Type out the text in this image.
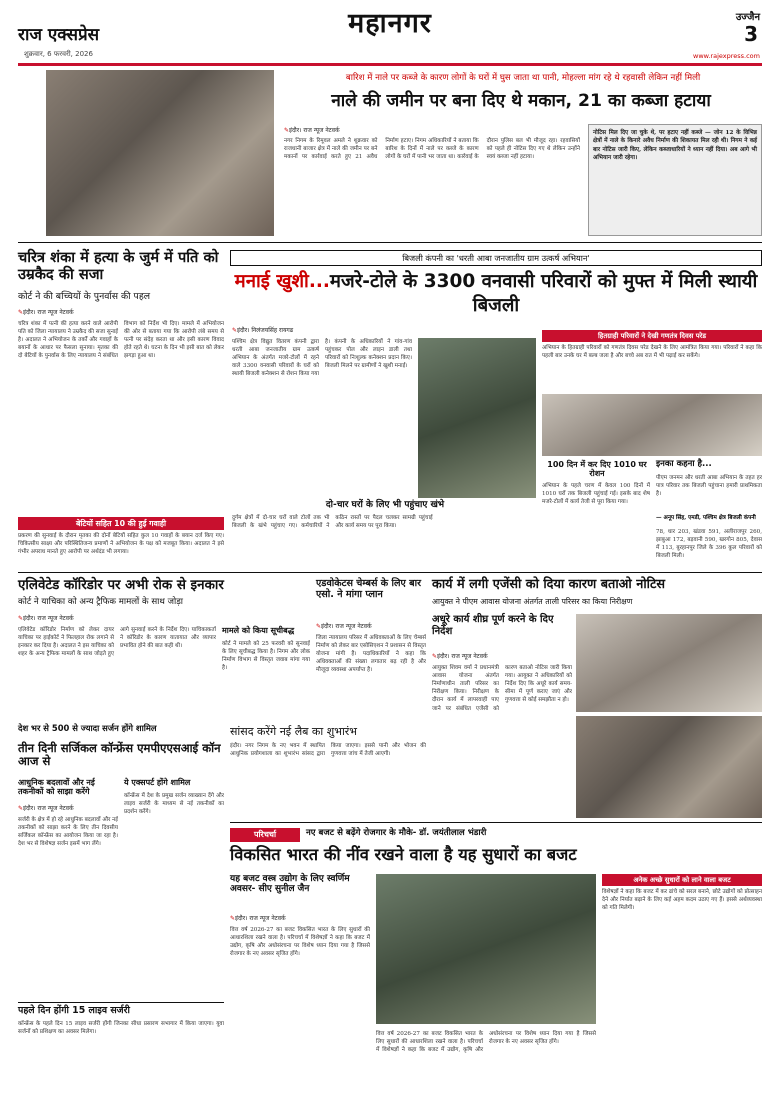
राज एक्सप्रेस
शुक्रवार, 6 फरवरी, 2026
महानगर	उज्जैन
3
www.rajexpress.com
बारिश में नाले पर कब्जे के कारण लोगों के घरों में घुस जाता था पानी, मोहल्ला मांग रहे थे रहवासी लेकिन नहीं मिली
नाले की जमीन पर बना दिए थे मकान, 21 का कब्जा हटाया
✎ इंदौर। राज न्यूज नेटवर्क
नगर निगम के रिमूवल अमले ने शुक्रवार को राजधानी बाजार क्षेत्र में नाले की जमीन पर बने मकानों पर कार्रवाई करते हुए 21 अवैध निर्माण हटाए। निगम अधिकारियों ने बताया कि बारिश के दिनों में नाले पर कब्जे के कारण लोगों के घरों में पानी भर जाता था। कार्रवाई के दौरान पुलिस बल भी मौजूद रहा। रहवासियों को पहले ही नोटिस दिए गए थे लेकिन उन्होंने स्वयं कब्जा नहीं हटाया।
नोटिस मिल दिए जा चुके थे, पर हटाए नहीं कब्जे — जोन 12 के विभिन्न क्षेत्रों में नाले के किनारे अवैध निर्माण की शिकायत मिल रही थी। निगम ने कई बार नोटिस जारी किए, लेकिन कब्जाधारियों ने ध्यान नहीं दिया। अब आगे भी अभियान जारी रहेगा।
चरित्र शंका में हत्या के जुर्म में पति को उम्रकैद की सजा
कोर्ट ने की बच्चियों के पुनर्वास की पहल
✎ इंदौर। राज न्यूज नेटवर्क
चरित्र शंका में पत्नी की हत्या करने वाले आरोपी पति को जिला न्यायालय ने उम्रकैद की सजा सुनाई है। अदालत ने अभियोजन के तर्कों और गवाहों के बयानों के आधार पर फैसला सुनाया। मृतका की दो बेटियों के पुनर्वास के लिए न्यायालय ने संबंधित विभाग को निर्देश भी दिए। मामले में अभियोजन की ओर से बताया गया कि आरोपी लंबे समय से पत्नी पर संदेह करता था और इसी कारण विवाद होते रहते थे। घटना के दिन भी इसी बात को लेकर झगड़ा हुआ था।
बेटियों सहित 10 की हुई गवाही
प्रकरण की सुनवाई के दौरान मृतका की दोनों बेटियों सहित कुल 10 गवाहों के बयान दर्ज किए गए। चिकित्सीय साक्ष्य और परिस्थितिजन्य प्रमाणों ने अभियोजन के पक्ष को मजबूत किया। अदालत ने इसे गंभीर अपराध मानते हुए आरोपी पर अर्थदंड भी लगाया।
बिजली कंपनी का 'धरती आबा जनजातीय ग्राम उत्कर्ष अभियान'
मनाई खुशी...मजरे-टोले के 3300 वनवासी परिवारों को मुफ्त में मिली स्थायी बिजली
✎ इंदौर। निलंजयसिंह रायगढ
पश्चिम क्षेत्र विद्युत वितरण कंपनी द्वारा धरती आबा जनजातीय ग्राम उत्कर्ष अभियान के अंतर्गत मजरे-टोलों में रहने वाले 3300 वनवासी परिवारों के घरों को स्थायी बिजली कनेक्शन से रोशन किया गया है। कंपनी के अधिकारियों ने गांव-गांव पहुंचकर पोल और लाइन डाली तथा परिवारों को निःशुल्क कनेक्शन प्रदान किए। बिजली मिलने पर ग्रामीणों ने खुशी मनाई।
दो-चार घरों के लिए भी पहुंचाए खंभे
दुर्गम क्षेत्रों में दो-चार घरों वाले टोलों तक भी बिजली के खंभे पहुंचाए गए। कर्मचारियों ने कठिन रास्तों पर पैदल चलकर सामग्री पहुंचाई और कार्य समय पर पूरा किया।
हितग्राही परिवारों ने देखी गणतंत्र दिवस परेड
अभियान के हितग्राही परिवारों को गणतंत्र दिवस परेड देखने के लिए आमंत्रित किया गया। परिवारों ने कहा कि पहली बार उनके घर में बल्ब जला है और बच्चे अब रात में भी पढ़ाई कर सकेंगे।
100 दिन में कर दिए 1010 घर रोशन
अभियान के पहले चरण में केवल 100 दिनों में 1010 घरों तक बिजली पहुंचाई गई। इसके बाद शेष मजरे-टोलों में कार्य तेजी से पूरा किया गया।
इनका कहना है...
पीएम जनमन और धरती आबा अभियान के तहत हर पात्र परिवार तक बिजली पहुंचाना हमारी प्राथमिकता है।
— अनूप सिंह, एमडी, पश्चिम क्षेत्र बिजली कंपनी
78, धार 203, खंडवा 591, अलीराजपुर 260, झाबुआ 172, बड़वानी 590, खरगोन 805, देवास में 113, बुरहानपुर जिले के 396 कुल परिवारों को बिजली मिली।
एलिवेटेड कॉरिडोर पर अभी रोक से इनकार
कोर्ट ने याचिका को अन्य ट्रैफिक मामलों के साथ जोड़ा
✎ इंदौर। राज न्यूज नेटवर्क
एलिवेटेड कॉरिडोर निर्माण को लेकर दायर याचिका पर हाईकोर्ट ने फिलहाल रोक लगाने से इनकार कर दिया है। अदालत ने इस याचिका को शहर के अन्य ट्रैफिक मामलों के साथ जोड़ते हुए आगे सुनवाई करने के निर्देश दिए। याचिकाकर्ता ने कॉरिडोर के कारण यातायात और व्यापार प्रभावित होने की बात कही थी।
मामले को किया सूचीबद्ध
कोर्ट ने मामले को 25 फरवरी को सुनवाई के लिए सूचीबद्ध किया है। निगम और लोक निर्माण विभाग से विस्तृत जवाब मांगा गया है।
देश भर से 500 से ज्यादा सर्जन होंगे शामिल
एडवोकेटस चेम्बर्स के लिए बार एसो. ने मांगा प्लान
✎ इंदौर। राज न्यूज नेटवर्क
जिला न्यायालय परिसर में अधिवक्ताओं के लिए चेम्बर्स निर्माण को लेकर बार एसोसिएशन ने प्रशासन से विस्तृत योजना मांगी है। पदाधिकारियों ने कहा कि अधिवक्ताओं की संख्या लगातार बढ़ रही है और मौजूदा व्यवस्था अपर्याप्त है।
सांसद करेंगे नई लैब का शुभारंभ
इंदौर। नगर निगम के नए भवन में स्थापित आधुनिक प्रयोगशाला का शुभारंभ सांसद द्वारा किया जाएगा। इससे पानी और भोजन की गुणवत्ता जांच में तेजी आएगी।
तीन दिनी सर्जिकल कॉन्फ्रेंस एमपीएएसआई कॉन आज से
आधुनिक बदलावों और नई तकनीकों को साझा करेंगे
✎ इंदौर। राज न्यूज नेटवर्क
सर्जरी के क्षेत्र में हो रहे आधुनिक बदलावों और नई तकनीकों को साझा करने के लिए तीन दिवसीय सर्जिकल कॉन्फ्रेंस का आयोजन किया जा रहा है। देश भर से विशेषज्ञ सर्जन इसमें भाग लेंगे।
ये एक्सपर्ट होंगे शामिल
कॉन्फ्रेंस में देश के प्रमुख सर्जन व्याख्यान देंगे और लाइव सर्जरी के माध्यम से नई तकनीकों का प्रदर्शन करेंगे।
पहले दिन होंगी 15 लाइव सर्जरी
कॉन्फ्रेंस के पहले दिन 15 लाइव सर्जरी होंगी जिनका सीधा प्रसारण सभागार में किया जाएगा। युवा सर्जनों को प्रशिक्षण का अवसर मिलेगा।
कार्य में लगी एजेंसी को दिया कारण बताओ नोटिस
आयुक्त ने पीएम आवास योजना अंतर्गत ताली परिसर का किया निरीक्षण
अधूरे कार्य शीघ्र पूर्ण करने के दिए निर्देश
✎ इंदौर। राज न्यूज नेटवर्क
आयुक्त शिवम वर्मा ने प्रधानमंत्री आवास योजना अंतर्गत निर्माणाधीन ताली परिसर का निरीक्षण किया। निरीक्षण के दौरान कार्य में लापरवाही पाए जाने पर संबंधित एजेंसी को कारण बताओ नोटिस जारी किया गया। आयुक्त ने अधिकारियों को निर्देश दिए कि अधूरे कार्य समय-सीमा में पूर्ण कराए जाएं और गुणवत्ता से कोई समझौता न हो।
परिचर्चा	नए बजट से बढ़ेंगे रोजगार के मौके- डॉ. जयंतीलाल भंडारी
विकसित भारत की नींव रखने वाला है यह सुधारों का बजट
यह बजट वस्त्र उद्योग के लिए स्वर्णिम अवसर- सीए सुनील जैन
✎ इंदौर। राज न्यूज नेटवर्क
वित्त वर्ष 2026-27 का बजट विकसित भारत के लिए सुधारों की आधारशिला रखने वाला है। परिचर्चा में विशेषज्ञों ने कहा कि बजट में उद्योग, कृषि और अधोसंरचना पर विशेष ध्यान दिया गया है जिससे रोजगार के नए अवसर सृजित होंगे।
वित्त वर्ष 2026-27 का बजट विकसित भारत के लिए सुधारों की आधारशिला रखने वाला है। परिचर्चा में विशेषज्ञों ने कहा कि बजट में उद्योग, कृषि और अधोसंरचना पर विशेष ध्यान दिया गया है जिससे रोजगार के नए अवसर सृजित होंगे।
अनेक अच्छे सुधारों को लाने वाला बजट
विशेषज्ञों ने कहा कि बजट में कर ढांचे को सरल बनाने, छोटे उद्योगों को प्रोत्साहन देने और निर्यात बढ़ाने के लिए कई अहम कदम उठाए गए हैं। इससे अर्थव्यवस्था को गति मिलेगी।
